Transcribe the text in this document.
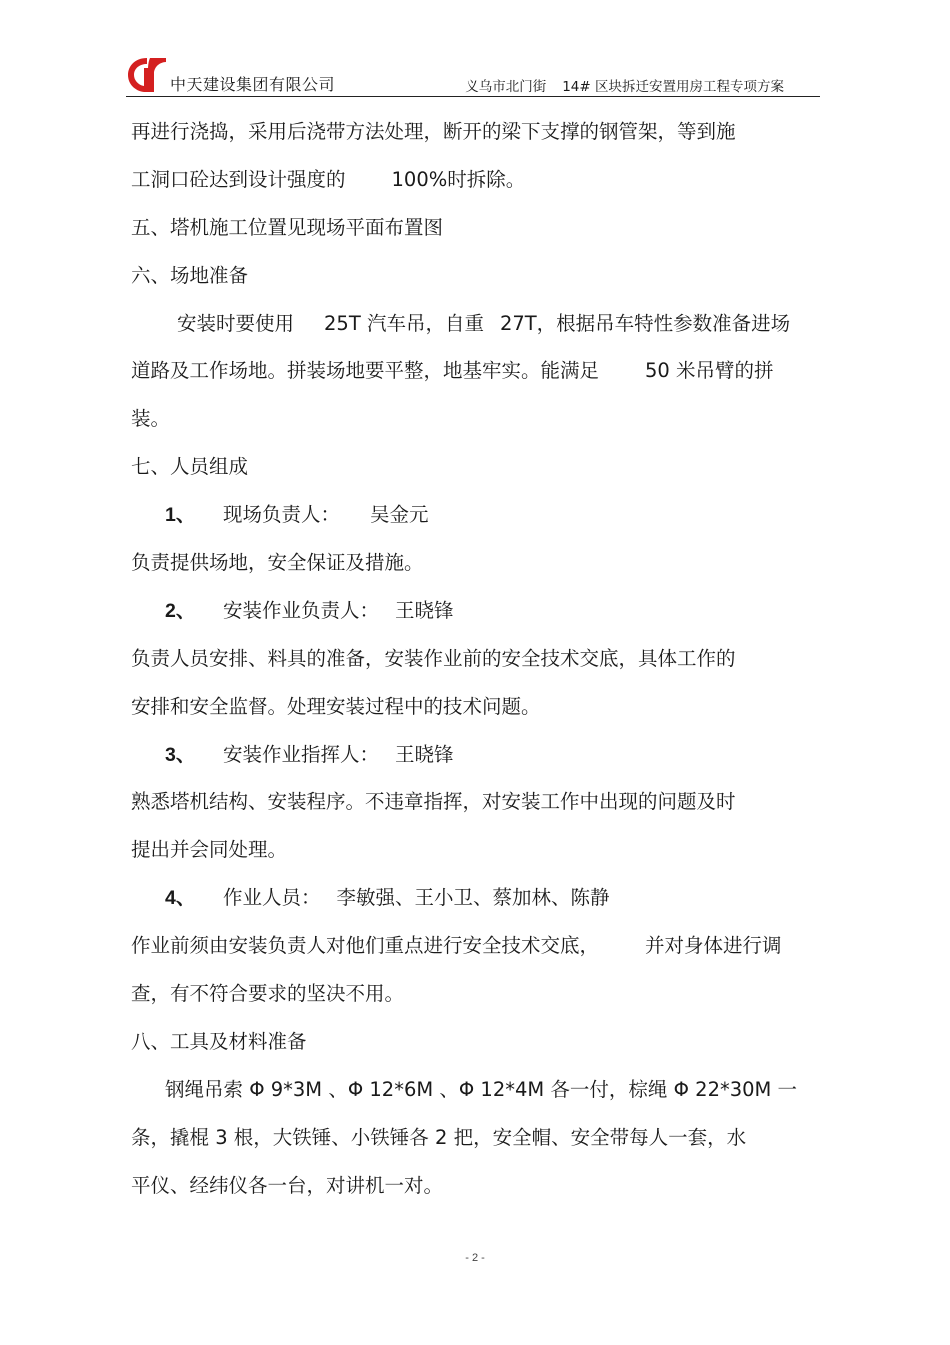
中天建设集团有限公司	义乌市北门街 14# 区块拆迁安置用房工程专项方案
再进行浇捣，采用后浇带方法处理，断开的梁下支撑的钢管架，等到施
工洞口砼达到设计强度的 100%时拆除。
五、塔机施工位置见现场平面布置图
六、场地准备
安装时要使用 25T 汽车吊，自重 27T，根据吊车特性参数准备进场
道路及工作场地。拼装场地要平整，地基牢实。能满足 50 米吊臂的拼
装。
七、人员组成
1、 现场负责人： 吴金元
负责提供场地，安全保证及措施。
2、 安装作业负责人： 王晓锋
负责人员安排、料具的准备，安装作业前的安全技术交底，具体工作的
安排和安全监督。处理安装过程中的技术问题。
3、 安装作业指挥人： 王晓锋
熟悉塔机结构、安装程序。不违章指挥，对安装工作中出现的问题及时
提出并会同处理。
4、 作业人员： 李敏强、王小卫、蔡加林、陈静
作业前须由安装负责人对他们重点进行安全技术交底， 并对身体进行调
查，有不符合要求的坚决不用。
八、工具及材料准备
钢绳吊索 Φ 9*3M 、Φ 12*6M 、Φ 12*4M 各一付，棕绳 Φ 22*30M 一
条，撬棍 3 根，大铁锤、小铁锤各 2 把，安全帽、安全带每人一套，水
平仪、经纬仪各一台，对讲机一对。
- 2 -
